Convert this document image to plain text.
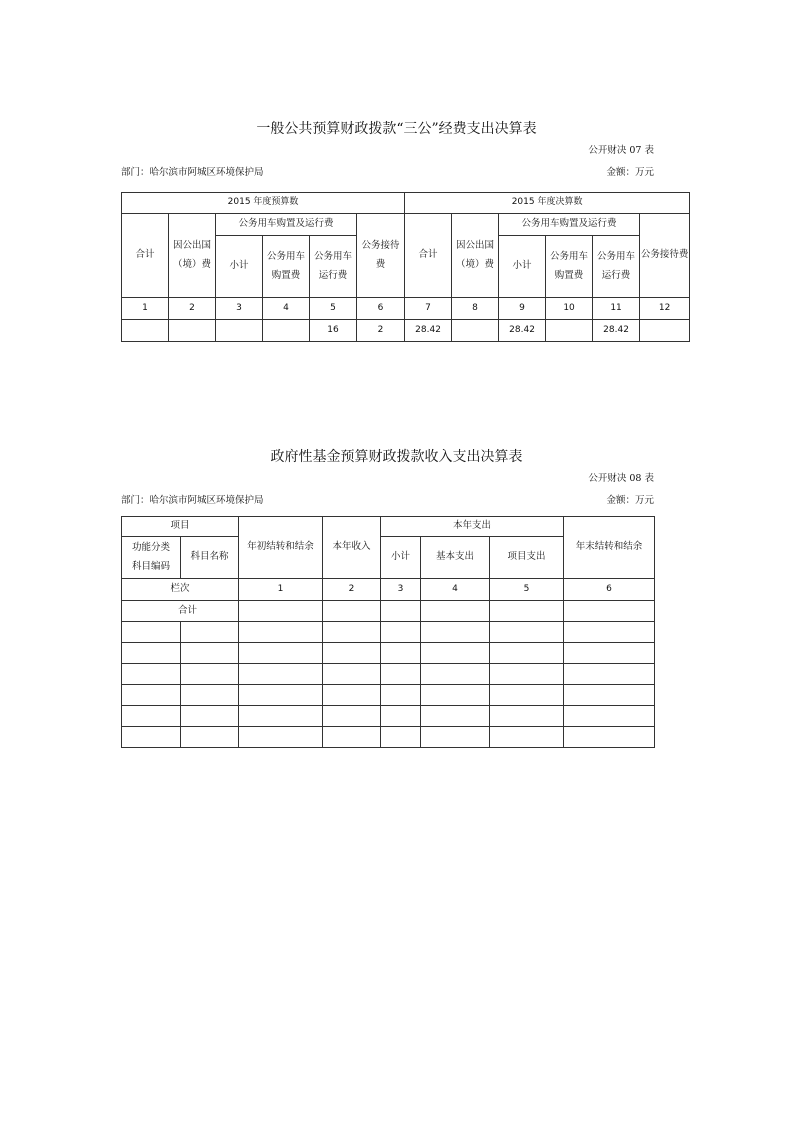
一般公共预算财政拨款“三公”经费支出决算表
公开财决 07 表
部门：哈尔滨市阿城区环境保护局	金额：万元
2015 年度预算数						2015 年度决算数					
合计	因公出国（境）费	公务用车购置及运行费			公务接待费	合计	因公出国（境）费	公务用车购置及运行费			公务接待费
		小计	公务用车购置费	公务用车运行费				小计	公务用车购置费	公务用车运行费	
1	2	3	4	5	6	7	8	9	10	11	12
				16	2	28.42		28.42		28.42	
政府性基金预算财政拨款收入支出决算表
公开财决 08 表
部门：哈尔滨市阿城区环境保护局	金额：万元
项目		年初结转和结余	本年收入	本年支出			年末结转和结余
功能分类科目编码	科目名称			小计	基本支出	项目支出	
栏次		1	2	3	4	5	6
合计							
